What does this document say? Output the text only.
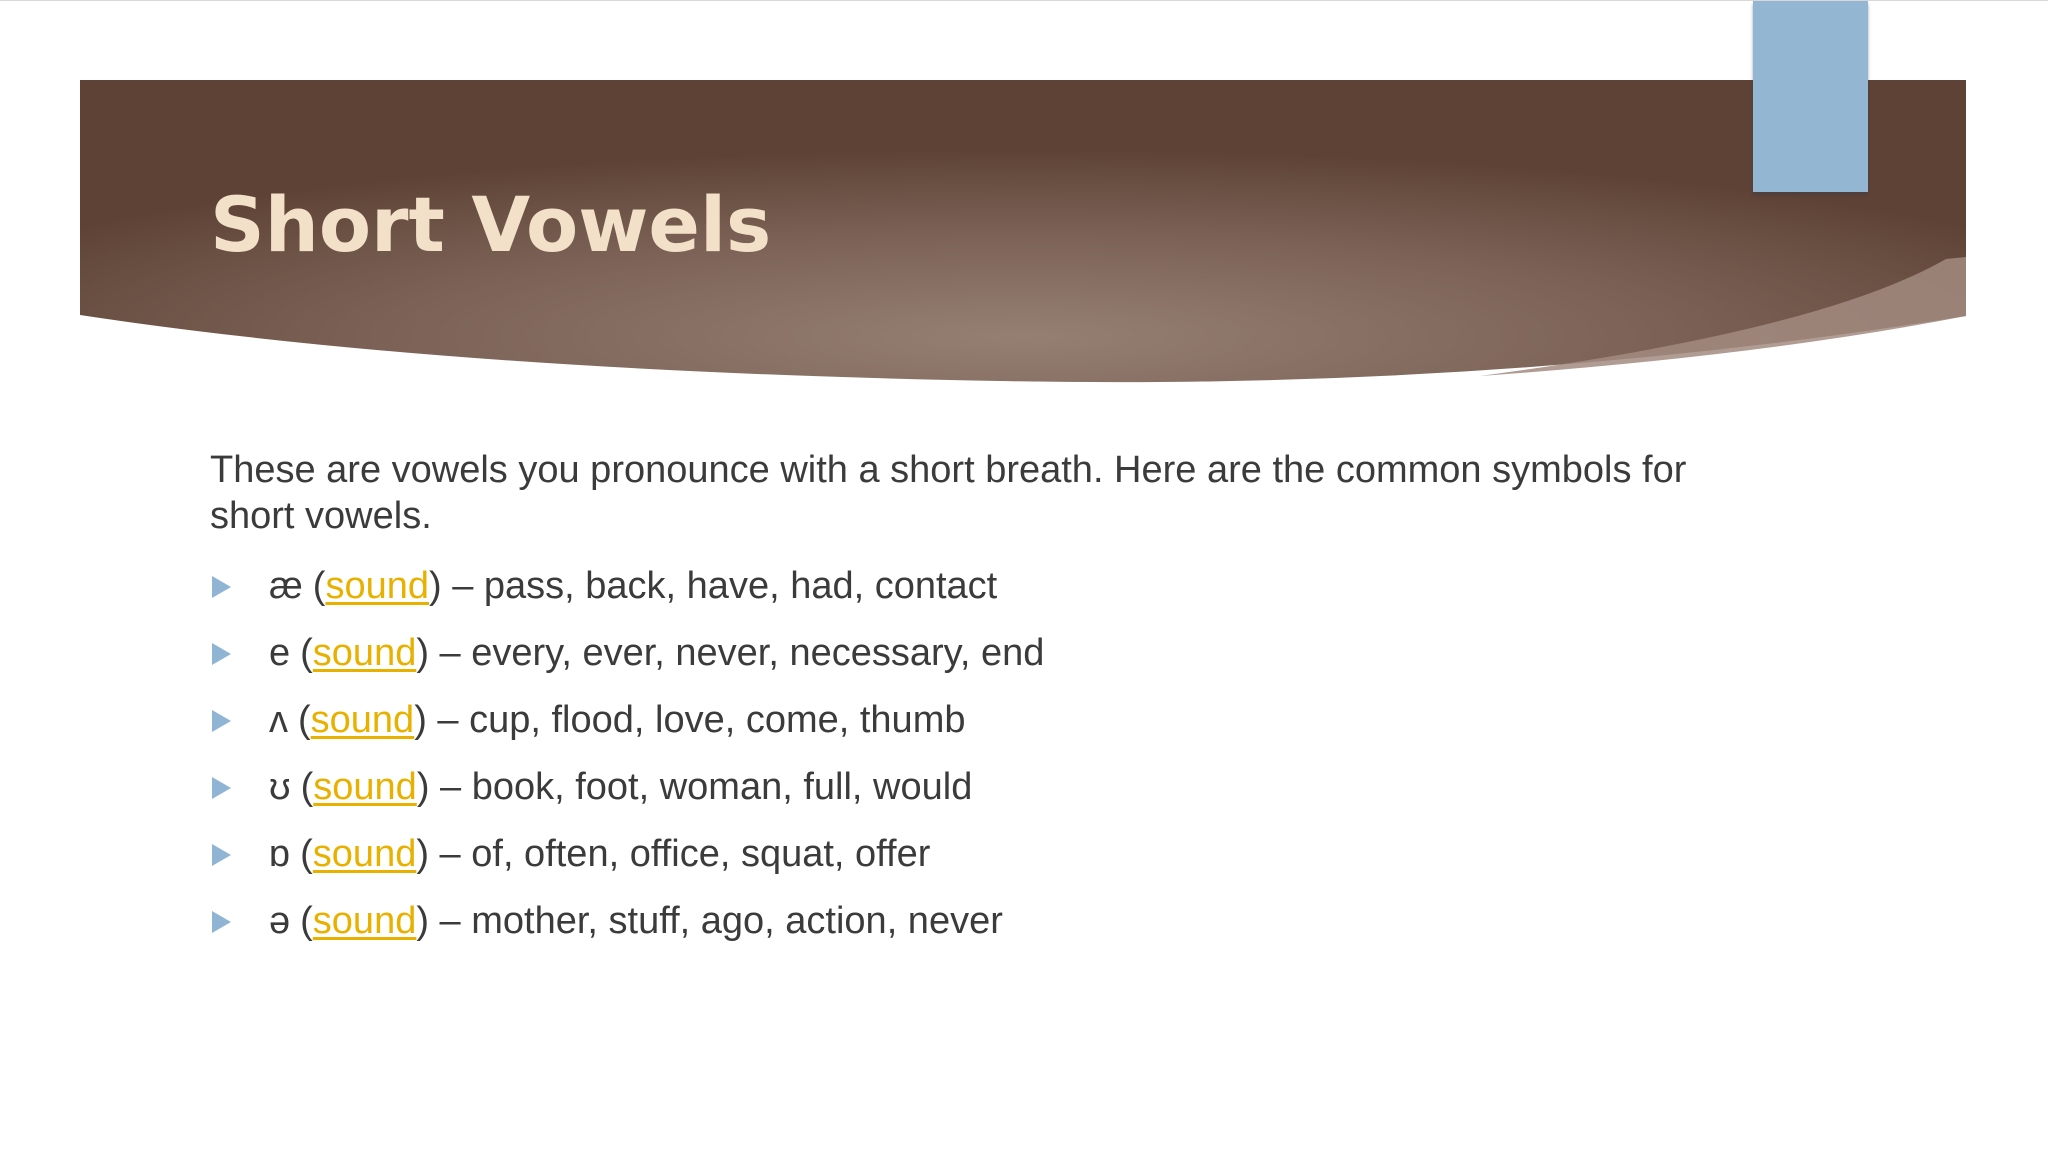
Short Vowels

These are vowels you pronounce with a short breath. Here are the common symbols for short vowels.

æ ( sound ) – pass, back, have, had, contact
e ( sound ) – every, ever, never, necessary, end
ʌ ( sound ) – cup, flood, love, come, thumb
ʊ ( sound ) – book, foot, woman, full, would
ɒ ( sound ) – of, often, office, squat, offer
ə ( sound ) – mother, stuff, ago, action, never
